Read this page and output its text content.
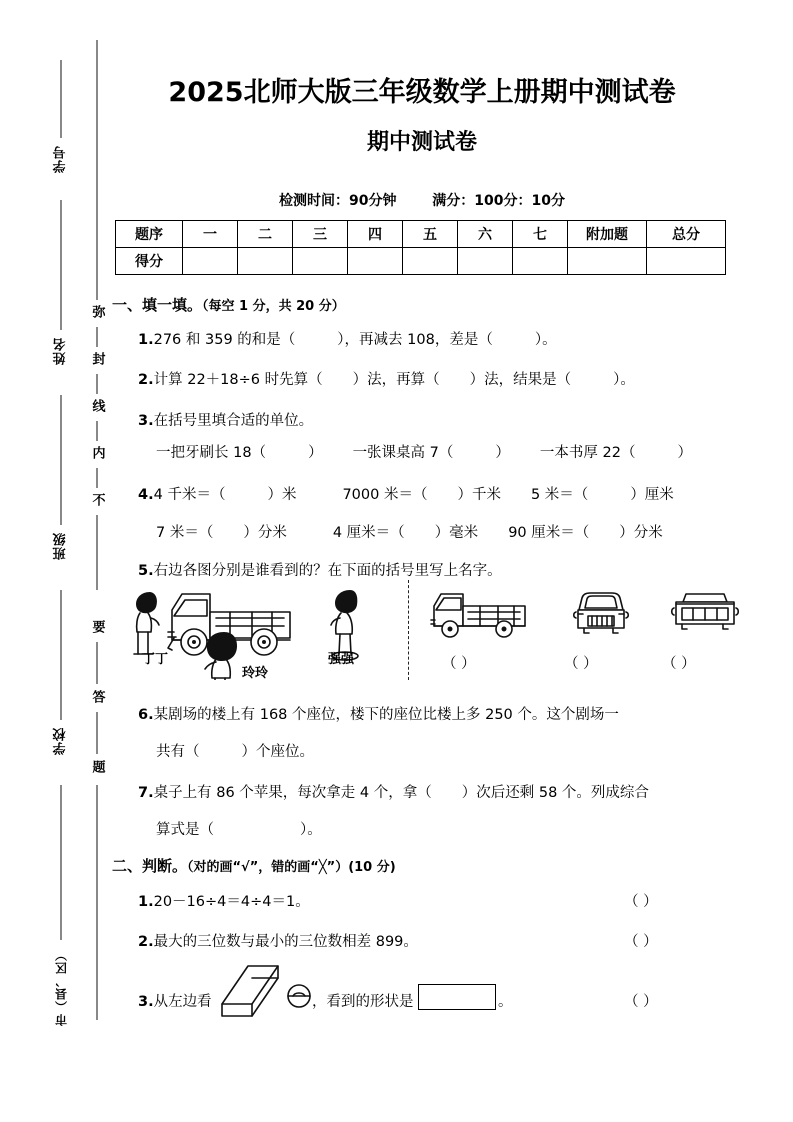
学号
姓名
班级
学校
市（县、区）
弥
封
线
内
不
要
答
题
2025北师大版三年级数学上册期中测试卷
期中测试卷
检测时间：90分钟	满分：100分：10分
题序	一	二	三	四	五	六	七	附加题	总分
得分									
一、填一填。（每空 1 分，共 20 分）
1.276 和 359 的和是（	），再减去 108，差是（	）。
2.计算 22＋18÷6 时先算（ ）法，再算（ ）法，结果是（	）。
3.在括号里填合适的单位。
一把牙刷长 18（	） 一张课桌高 7（	） 一本书厚 22（	）
4.4 千米＝（	）米	7000 米＝（ ）千米 5 米＝（	）厘米
7 米＝（ ）分米	4 厘米＝（ ）毫米 90 厘米＝（ ）分米
5.右边各图分别是谁看到的？在下面的括号里写上名字。
丁丁
玲玲
强强	（ ）	（ ）	（ ）
6.某剧场的楼上有 168 个座位，楼下的座位比楼上多 250 个。这个剧场一
共有（	）个座位。
7.桌子上有 86 个苹果，每次拿走 4 个，拿（ ）次后还剩 58 个。列成综合
算式是（	）。
二、判断。（对的画“√”，错的画“╳”）(10 分)
1.20－16÷4＝4÷4＝1。	（ ）
2.最大的三位数与最小的三位数相差 899。	（ ）
3.从左边看	，看到的形状是	。	（ ）
